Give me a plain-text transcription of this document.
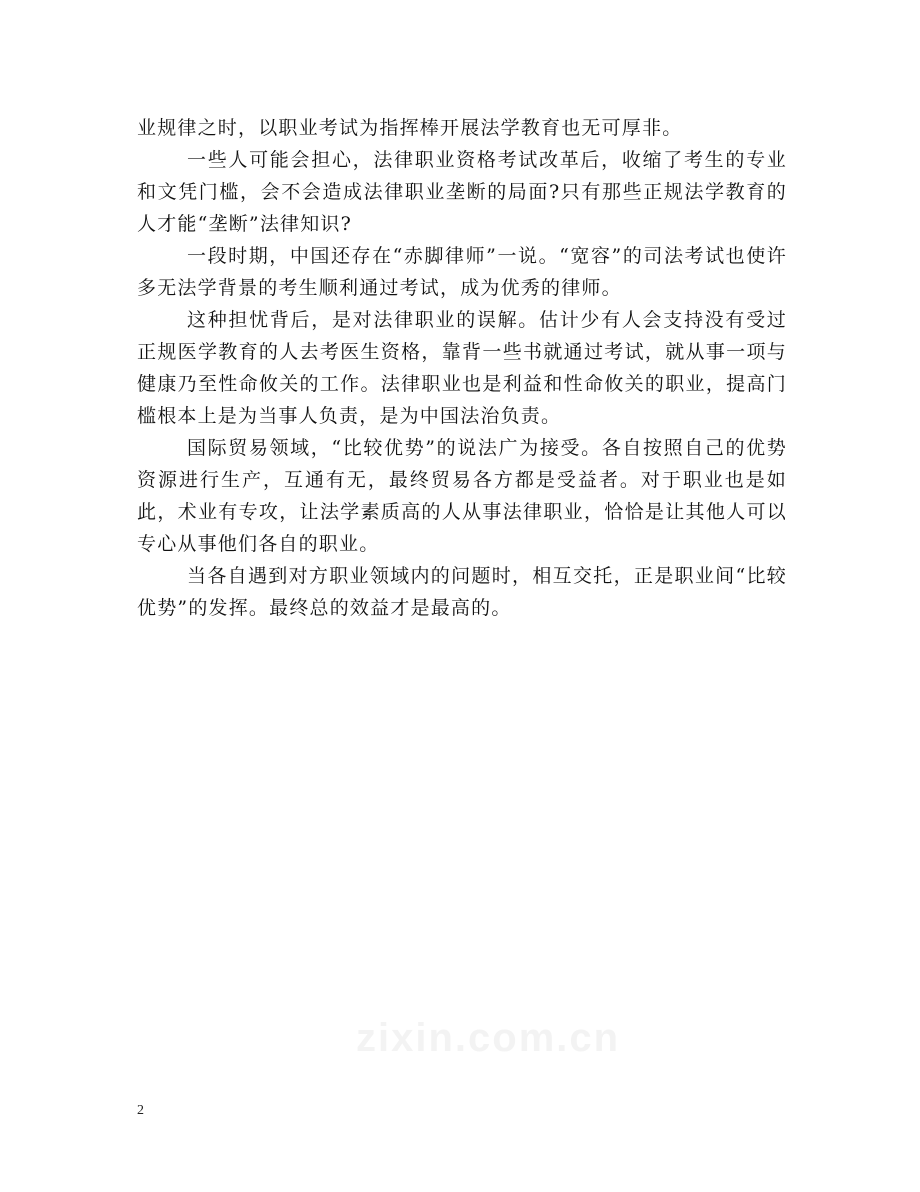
业规律之时，以职业考试为指挥棒开展法学教育也无可厚非。

一些人可能会担心，法律职业资格考试改革后，收缩了考生的专业和文凭门槛，会不会造成法律职业垄断的局面?只有那些正规法学教育的人才能“垄断”法律知识?

一段时期，中国还存在“赤脚律师”一说。“宽容”的司法考试也使许多无法学背景的考生顺利通过考试，成为优秀的律师。

这种担忧背后，是对法律职业的误解。估计少有人会支持没有受过正规医学教育的人去考医生资格，靠背一些书就通过考试，就从事一项与健康乃至性命攸关的工作。法律职业也是利益和性命攸关的职业，提高门槛根本上是为当事人负责，是为中国法治负责。

国际贸易领域，“比较优势”的说法广为接受。各自按照自己的优势资源进行生产，互通有无，最终贸易各方都是受益者。对于职业也是如此，术业有专攻，让法学素质高的人从事法律职业，恰恰是让其他人可以专心从事他们各自的职业。

当各自遇到对方职业领域内的问题时，相互交托，正是职业间“比较优势”的发挥。最终总的效益才是最高的。

zixin.com.cn
2
